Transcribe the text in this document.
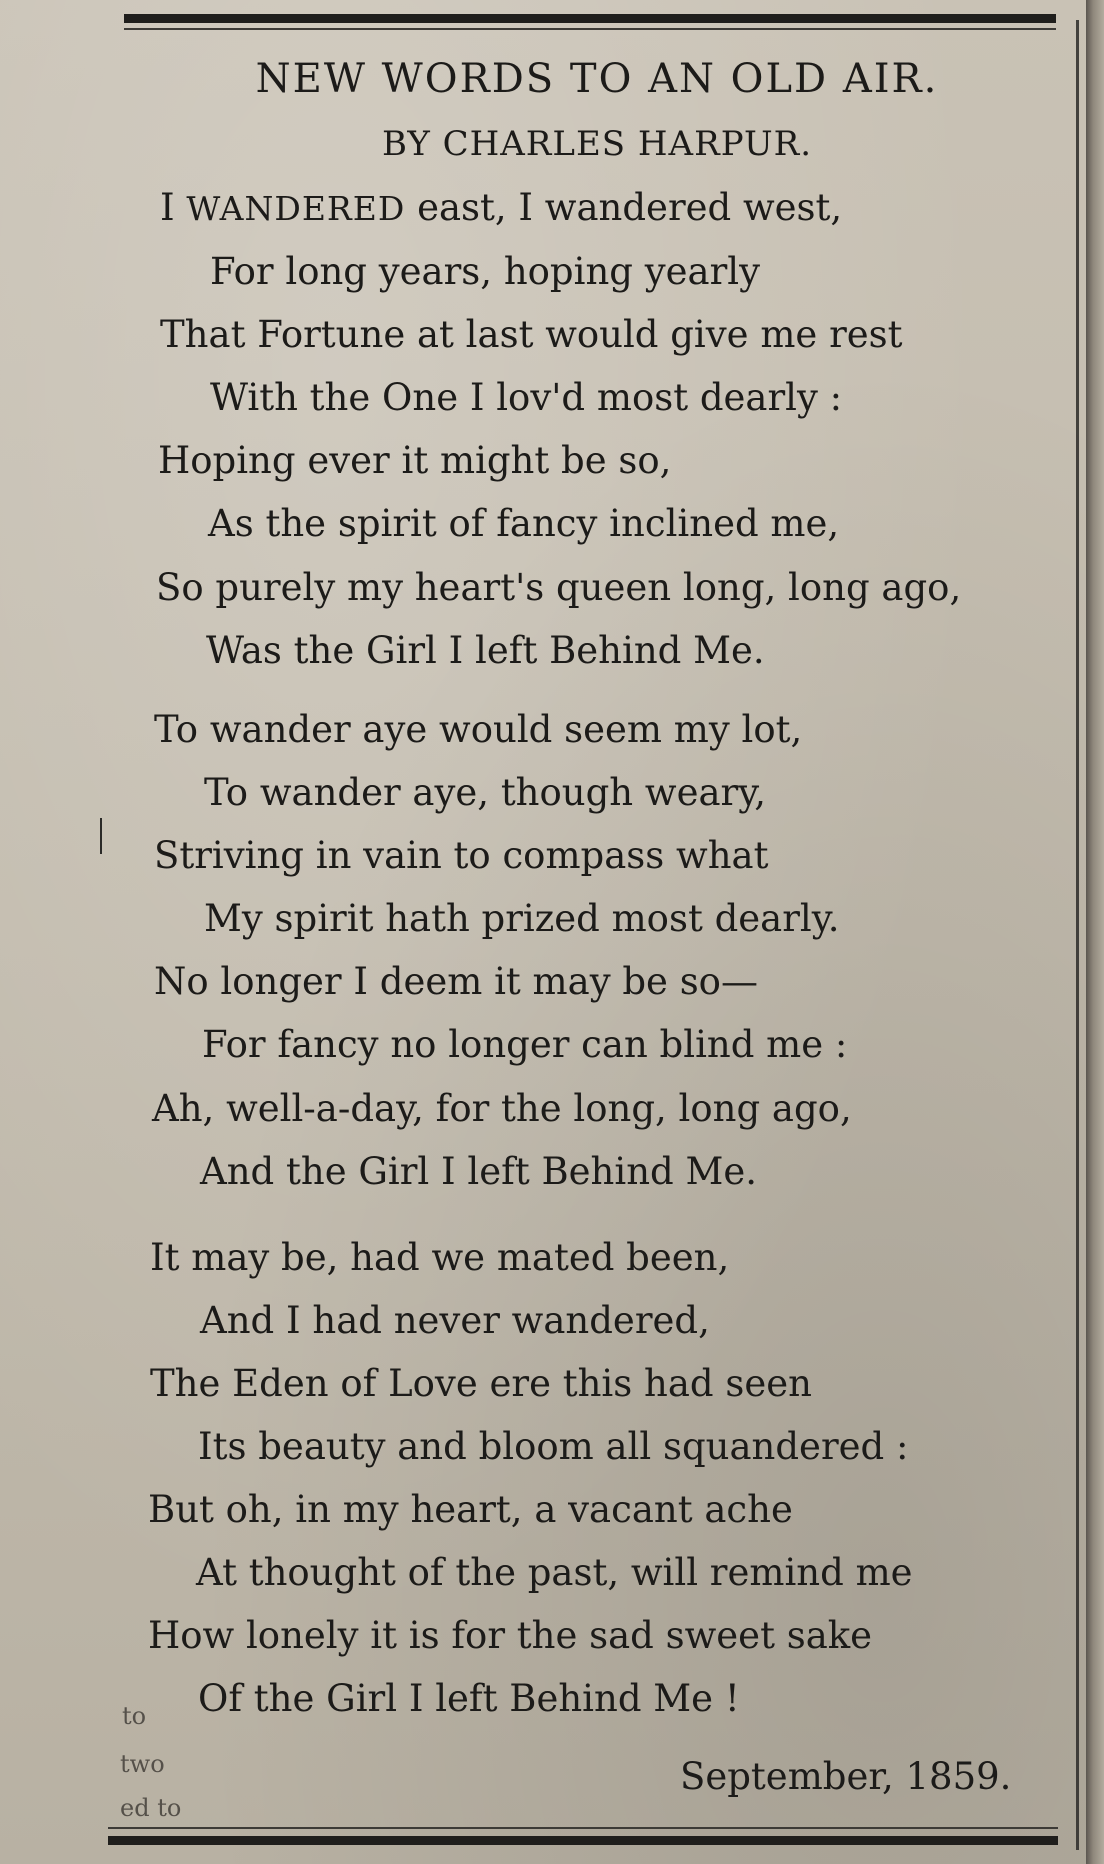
NEW WORDS TO AN OLD AIR.
BY CHARLES HARPUR.
I WANDERED east, I wandered west,
For long years, hoping yearly
That Fortune at last would give me rest
With the One I lov'd most dearly :
Hoping ever it might be so,
As the spirit of fancy inclined me,
So purely my heart's queen long, long ago,
Was the Girl I left Behind Me.
To wander aye would seem my lot,
To wander aye, though weary,
Striving in vain to compass what
My spirit hath prized most dearly.
No longer I deem it may be so—
For fancy no longer can blind me :
Ah, well-a-day, for the long, long ago,
And the Girl I left Behind Me.
It may be, had we mated been,
And I had never wandered,
The Eden of Love ere this had seen
Its beauty and bloom all squandered :
But oh, in my heart, a vacant ache
At thought of the past, will remind me
How lonely it is for the sad sweet sake
Of the Girl I left Behind Me !
September, 1859.
to
two
ed to
